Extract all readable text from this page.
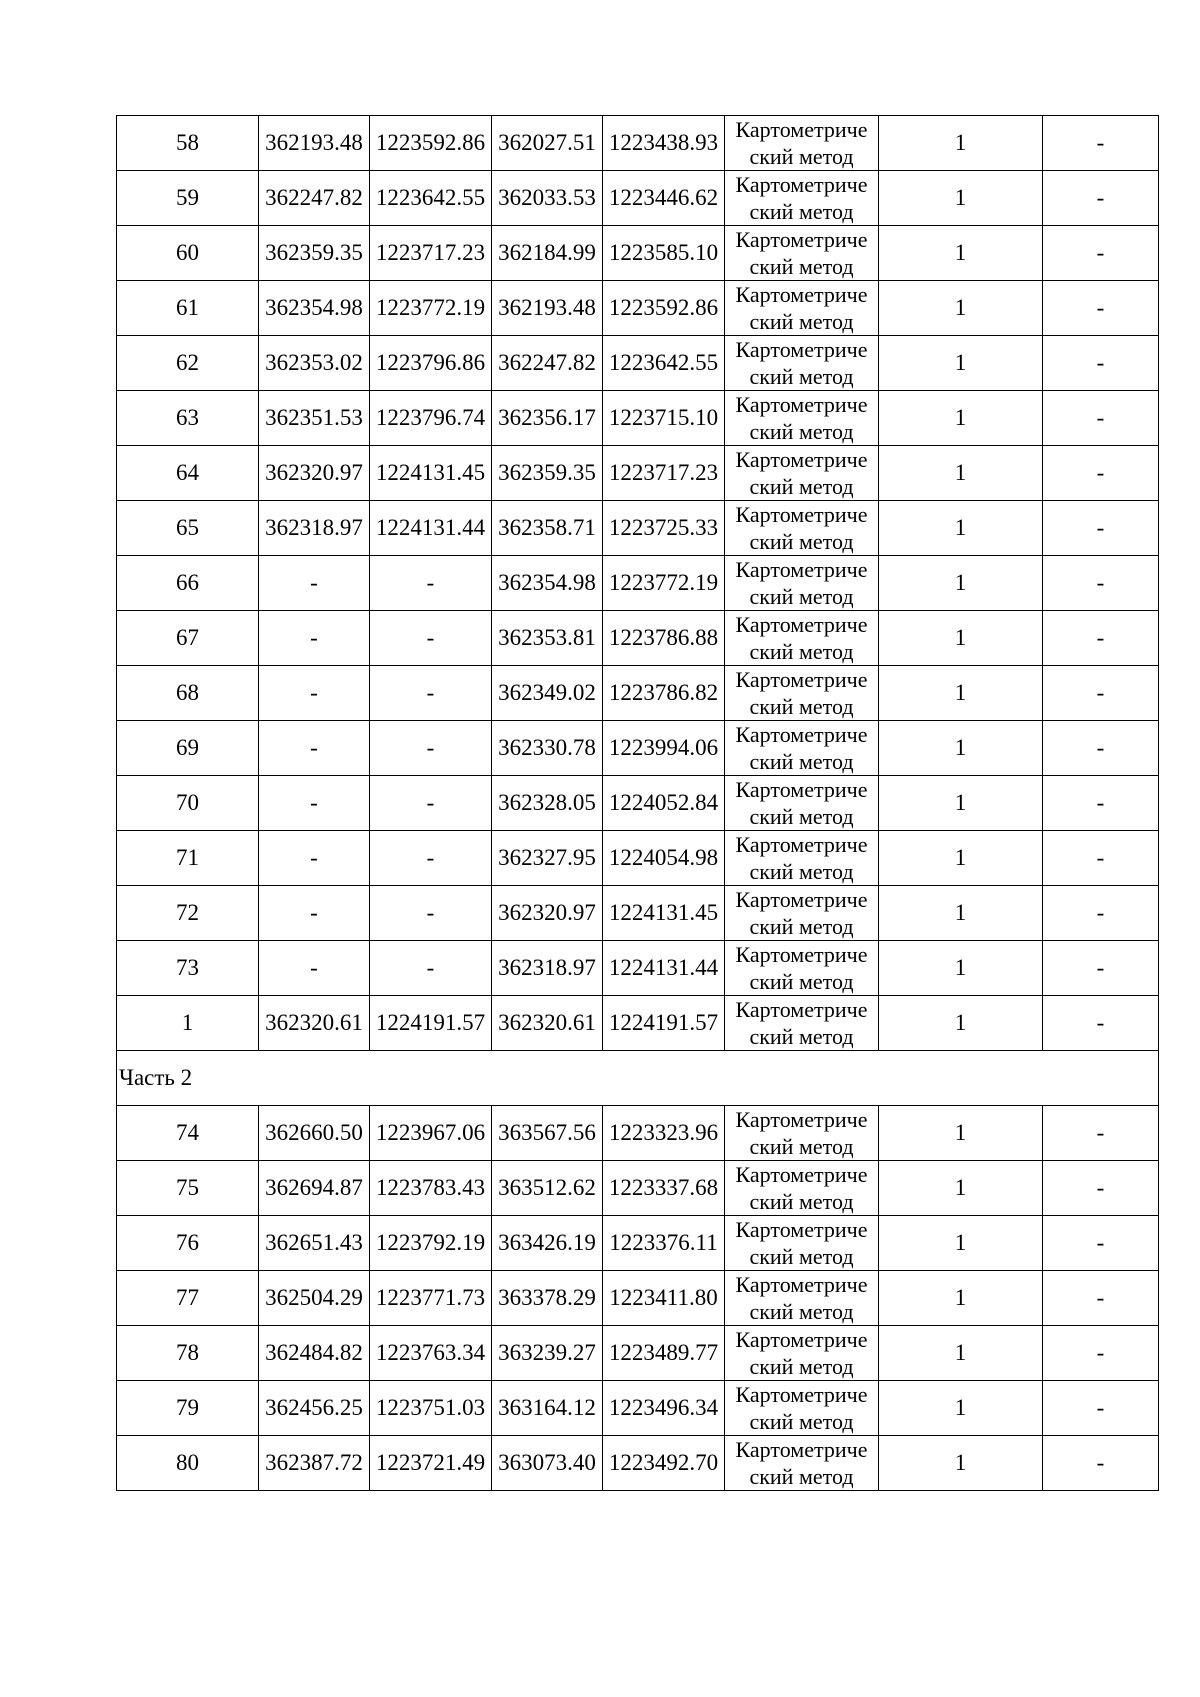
58	362193.48	1223592.86	362027.51	1223438.93	Картометриче
ский метод	1	-
59	362247.82	1223642.55	362033.53	1223446.62	Картометриче
ский метод	1	-
60	362359.35	1223717.23	362184.99	1223585.10	Картометриче
ский метод	1	-
61	362354.98	1223772.19	362193.48	1223592.86	Картометриче
ский метод	1	-
62	362353.02	1223796.86	362247.82	1223642.55	Картометриче
ский метод	1	-
63	362351.53	1223796.74	362356.17	1223715.10	Картометриче
ский метод	1	-
64	362320.97	1224131.45	362359.35	1223717.23	Картометриче
ский метод	1	-
65	362318.97	1224131.44	362358.71	1223725.33	Картометриче
ский метод	1	-
66	-	-	362354.98	1223772.19	Картометриче
ский метод	1	-
67	-	-	362353.81	1223786.88	Картометриче
ский метод	1	-
68	-	-	362349.02	1223786.82	Картометриче
ский метод	1	-
69	-	-	362330.78	1223994.06	Картометриче
ский метод	1	-
70	-	-	362328.05	1224052.84	Картометриче
ский метод	1	-
71	-	-	362327.95	1224054.98	Картометриче
ский метод	1	-
72	-	-	362320.97	1224131.45	Картометриче
ский метод	1	-
73	-	-	362318.97	1224131.44	Картометриче
ский метод	1	-
1	362320.61	1224191.57	362320.61	1224191.57	Картометриче
ский метод	1	-
Часть 2							
74	362660.50	1223967.06	363567.56	1223323.96	Картометриче
ский метод	1	-
75	362694.87	1223783.43	363512.62	1223337.68	Картометриче
ский метод	1	-
76	362651.43	1223792.19	363426.19	1223376.11	Картометриче
ский метод	1	-
77	362504.29	1223771.73	363378.29	1223411.80	Картометриче
ский метод	1	-
78	362484.82	1223763.34	363239.27	1223489.77	Картометриче
ский метод	1	-
79	362456.25	1223751.03	363164.12	1223496.34	Картометриче
ский метод	1	-
80	362387.72	1223721.49	363073.40	1223492.70	Картометриче
ский метод	1	-
